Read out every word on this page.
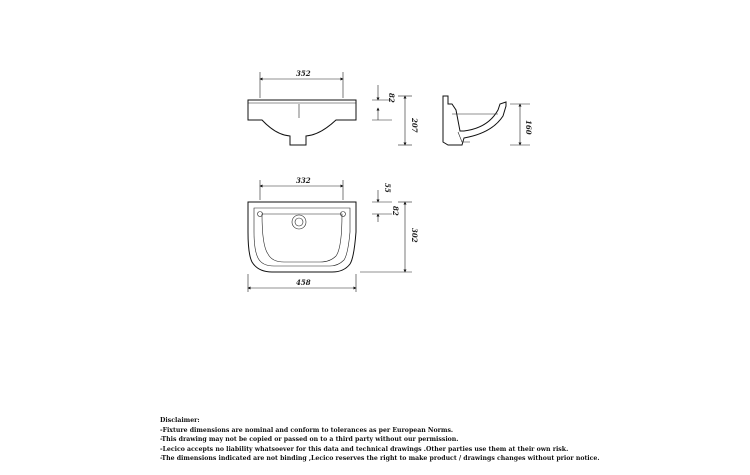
352
82
207	160
332
458
55
82
302
Disclaimer:
-Fixture dimensions are nominal and conform to tolerances as per European Norms.
-This drawing may not be copied or passed on to a third party without our permission.
-Lecico accepts no liability whatsoever for this data and technical drawings .Other parties use them at their own risk.
-The dimensions indicated are not binding ,Lecico reserves the right to make product / drawings changes without prior notice.
